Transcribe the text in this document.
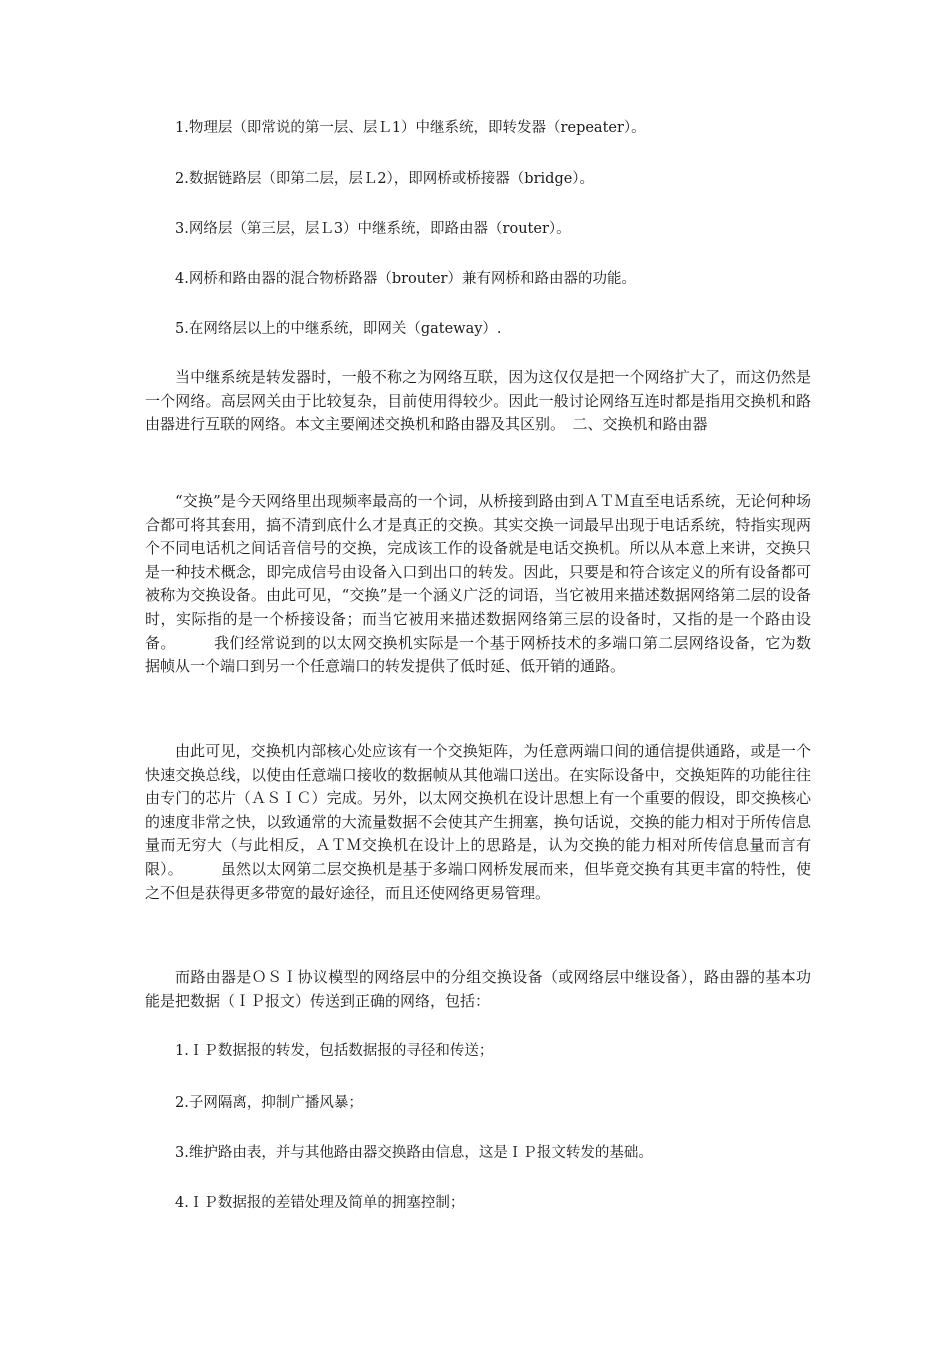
1.物理层（即常说的第一层、层Ｌ1）中继系统，即转发器（repeater）。
2.数据链路层（即第二层，层Ｌ2），即网桥或桥接器（bridge）。
3.网络层（第三层，层Ｌ3）中继系统，即路由器（router）。
4.网桥和路由器的混合物桥路器（brouter）兼有网桥和路由器的功能。
5.在网络层以上的中继系统，即网关（gateway）.

当中继系统是转发器时，一般不称之为网络互联，因为这仅仅是把一个网络扩大了，而这仍然是一个网络。高层网关由于比较复杂，目前使用得较少。因此一般讨论网络互连时都是指用交换机和路由器进行互联的网络。本文主要阐述交换机和路由器及其区别。　二、交换机和路由器

“交换”是今天网络里出现频率最高的一个词，从桥接到路由到ＡＴＭ直至电话系统，无论何种场合都可将其套用，搞不清到底什么才是真正的交换。其实交换一词最早出现于电话系统，特指实现两个不同电话机之间话音信号的交换，完成该工作的设备就是电话交换机。所以从本意上来讲，交换只是一种技术概念，即完成信号由设备入口到出口的转发。因此，只要是和符合该定义的所有设备都可被称为交换设备。由此可见，“交换”是一个涵义广泛的词语，当它被用来描述数据网络第二层的设备时，实际指的是一个桥接设备；而当它被用来描述数据网络第三层的设备时，又指的是一个路由设备。　　　我们经常说到的以太网交换机实际是一个基于网桥技术的多端口第二层网络设备，它为数据帧从一个端口到另一个任意端口的转发提供了低时延、低开销的通路。

由此可见，交换机内部核心处应该有一个交换矩阵，为任意两端口间的通信提供通路，或是一个快速交换总线，以使由任意端口接收的数据帧从其他端口送出。在实际设备中，交换矩阵的功能往往由专门的芯片（ＡＳＩＣ）完成。另外，以太网交换机在设计思想上有一个重要的假设，即交换核心的速度非常之快，以致通常的大流量数据不会使其产生拥塞，换句话说，交换的能力相对于所传信息量而无穷大（与此相反，ＡＴＭ交换机在设计上的思路是，认为交换的能力相对所传信息量而言有限）。　　　虽然以太网第二层交换机是基于多端口网桥发展而来，但毕竟交换有其更丰富的特性，使之不但是获得更多带宽的最好途径，而且还使网络更易管理。

而路由器是ＯＳＩ协议模型的网络层中的分组交换设备（或网络层中继设备），路由器的基本功能是把数据（ＩＰ报文）传送到正确的网络，包括：

1.ＩＰ数据报的转发，包括数据报的寻径和传送；
2.子网隔离，抑制广播风暴；
3.维护路由表，并与其他路由器交换路由信息，这是ＩＰ报文转发的基础。
4.ＩＰ数据报的差错处理及简单的拥塞控制；
